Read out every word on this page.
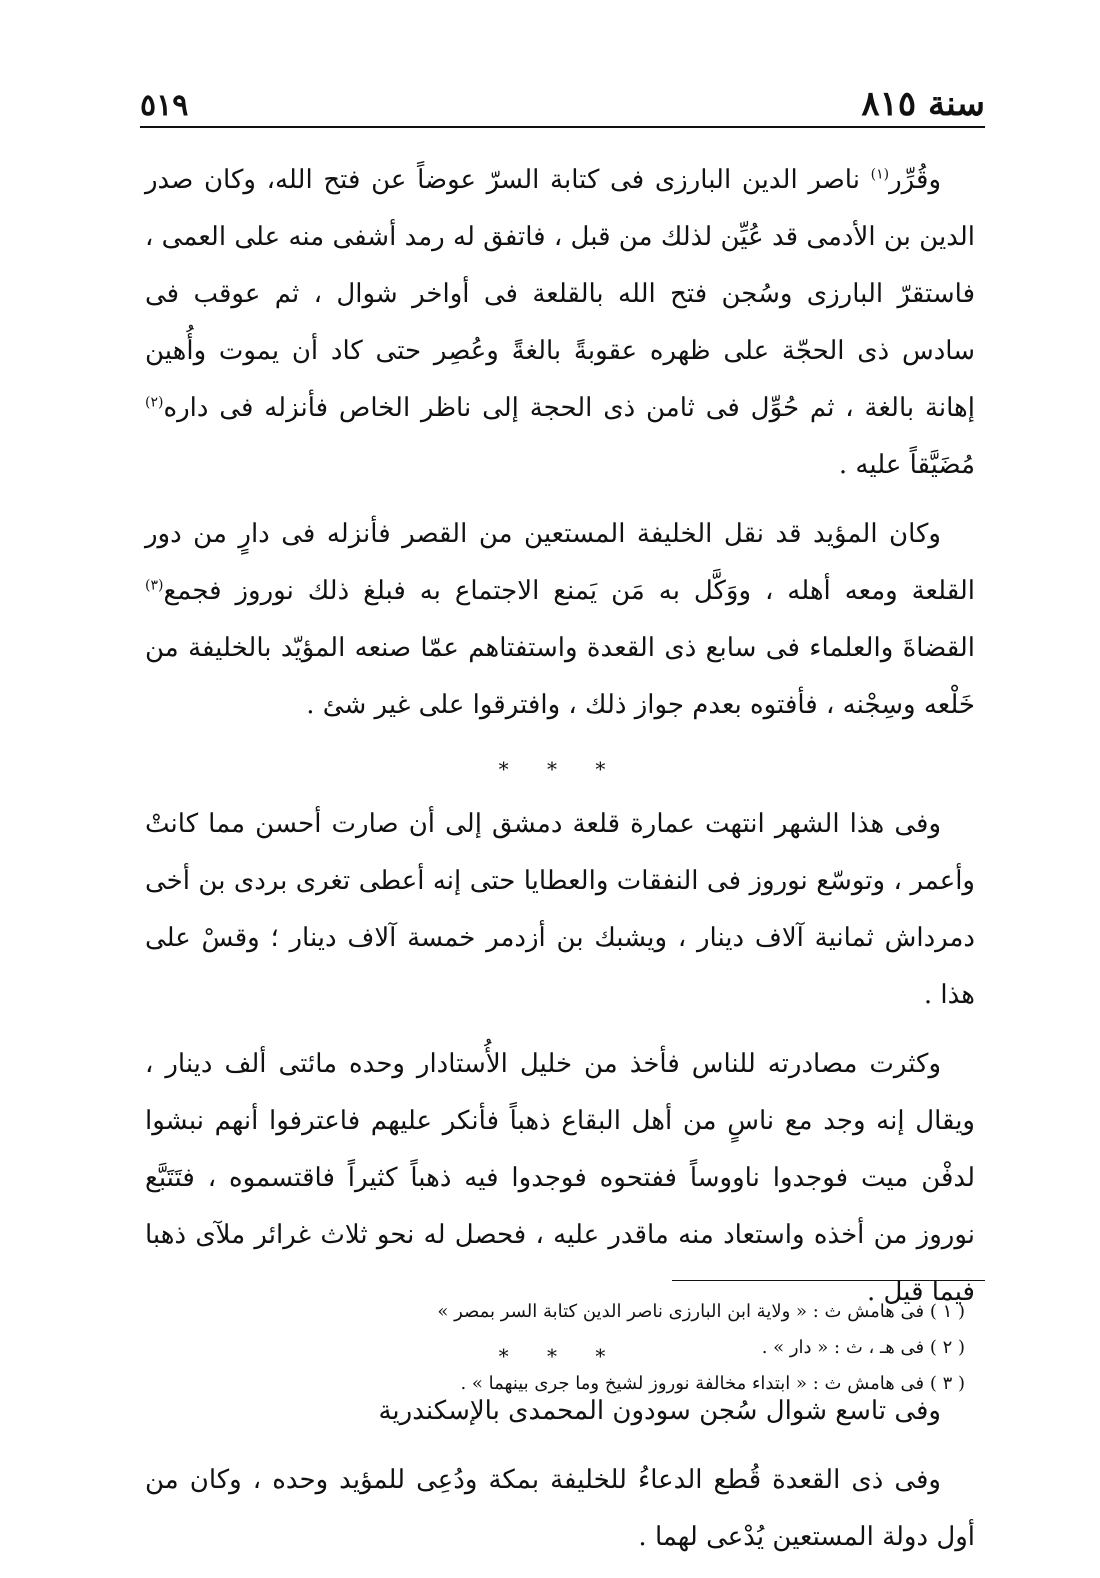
سنة ٨١٥
٥١٩

وقُرِّر$^{(١)}$ ناصر الدين البارزى فى كتابة السرّ عوضاً عن فتح الله، وكان صدر الدين بن الأدمى قد عُيِّن لذلك من قبل ، فاتفق له رمد أشفى منه على العمى ، فاستقرّ البارزى وسُجن فتح الله بالقلعة فى أواخر شوال ، ثم عوقب فى سادس ذى الحجّة على ظهره عقوبةً بالغةً وعُصِر حتى كاد أن يموت وأُهين إهانة بالغة ، ثم حُوِّل فى ثامن ذى الحجة إلى ناظر الخاص فأنزله فى داره$^{(٢)}$ مُضَيَّقاً عليه .

وكان المؤيد قد نقل الخليفة المستعين من القصر فأنزله فى دارٍ من دور القلعة ومعه أهله ، ووَكَّل به مَن يَمنع الاجتماع به فبلغ ذلك نوروز فجمع$^{(٣)}$ القضاةَ والعلماء فى سابع ذى القعدة واستفتاهم عمّا صنعه المؤيّد بالخليفة من خَلْعه وسِجْنه ، فأفتوه بعدم جواز ذلك ، وافترقوا على غير شئ .

* * *

وفى هذا الشهر انتهت عمارة قلعة دمشق إلى أن صارت أحسن مما كانتْ وأعمر ، وتوسّع نوروز فى النفقات والعطايا حتى إنه أعطى تغرى بردى بن أخى دمرداش ثمانية آلاف دينار ، ويشبك بن أزدمر خمسة آلاف دينار ؛ وقسْ على هذا .

وكثرت مصادرته للناس فأخذ من خليل الأُستادار وحده مائتى ألف دينار ، ويقال إنه وجد مع ناسٍ من أهل البقاع ذهباً فأنكر عليهم فاعترفوا أنهم نبشوا لدفْن ميت فوجدوا ناووساً ففتحوه فوجدوا فيه ذهباً كثيراً فاقتسموه ، فتَتَبَّع نوروز من أخذه واستعاد منه ماقدر عليه ، فحصل له نحو ثلاث غرائر ملآى ذهبا فيما قيل .

* * *

وفى تاسع شوال سُجن سودون المحمدى بالإسكندرية

وفى ذى القعدة قُطع الدعاءُ للخليفة بمكة ودُعِى للمؤيد وحده ، وكان من أول دولة المستعين يُدْعى لهما .

( ١ ) فى هامش ث : « ولاية ابن البارزى ناصر الدين كتابة السر بمصر »

( ٢ ) فى هـ ، ث : « دار » .

( ٣ ) فى هامش ث : « ابتداء مخالفة نوروز لشيخ وما جرى بينهما » .
